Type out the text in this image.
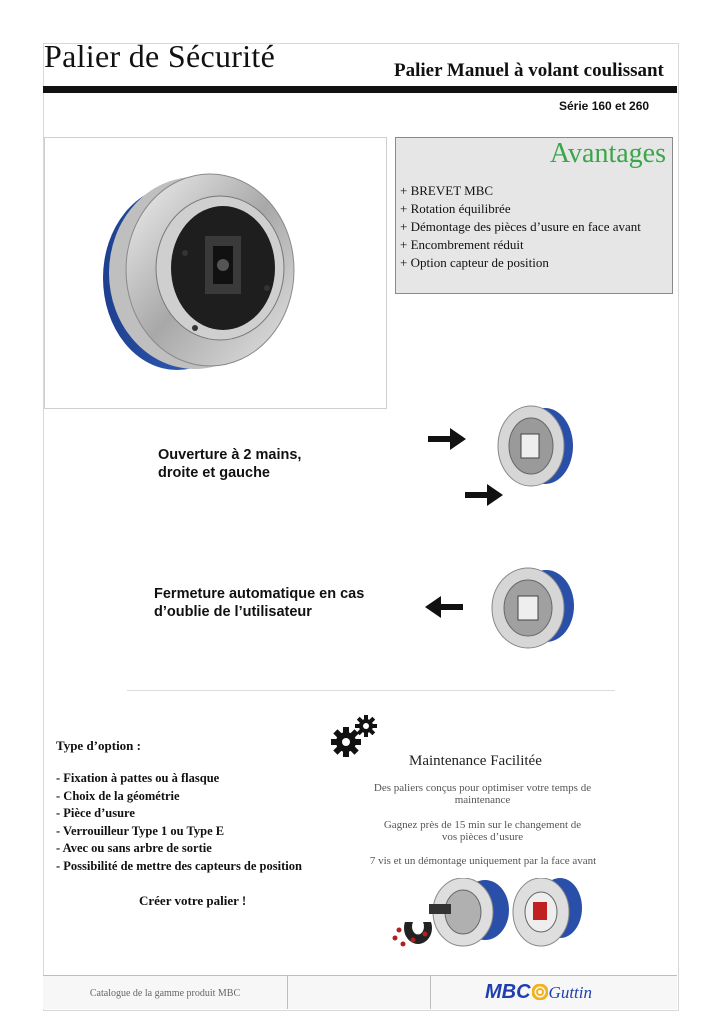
Palier de Sécurité	Palier Manuel à volant coulissant
Série 160 et 260
Avantages
+ BREVET MBC
+ Rotation équilibrée
+ Démontage des pièces d’usure en face avant
+ Encombrement réduit
+ Option capteur de position
Ouverture à 2 mains,
droite et gauche
Fermeture automatique en cas
d’oublie de l’utilisateur
Type d’option :
- Fixation à pattes ou à flasque
- Choix de la géométrie
- Pièce d’usure
- Verrouilleur Type 1 ou Type E
- Avec ou sans arbre de sortie
- Possibilité de mettre des capteurs de position
Créer votre palier !
Maintenance Facilitée
Des paliers conçus pour optimiser votre temps de
maintenance
Gagnez près de 15 min sur le changement de
vos pièces d’usure
7 vis et un démontage uniquement par la face avant
Catalogue de la gamme produit MBC	MBC Guttin
